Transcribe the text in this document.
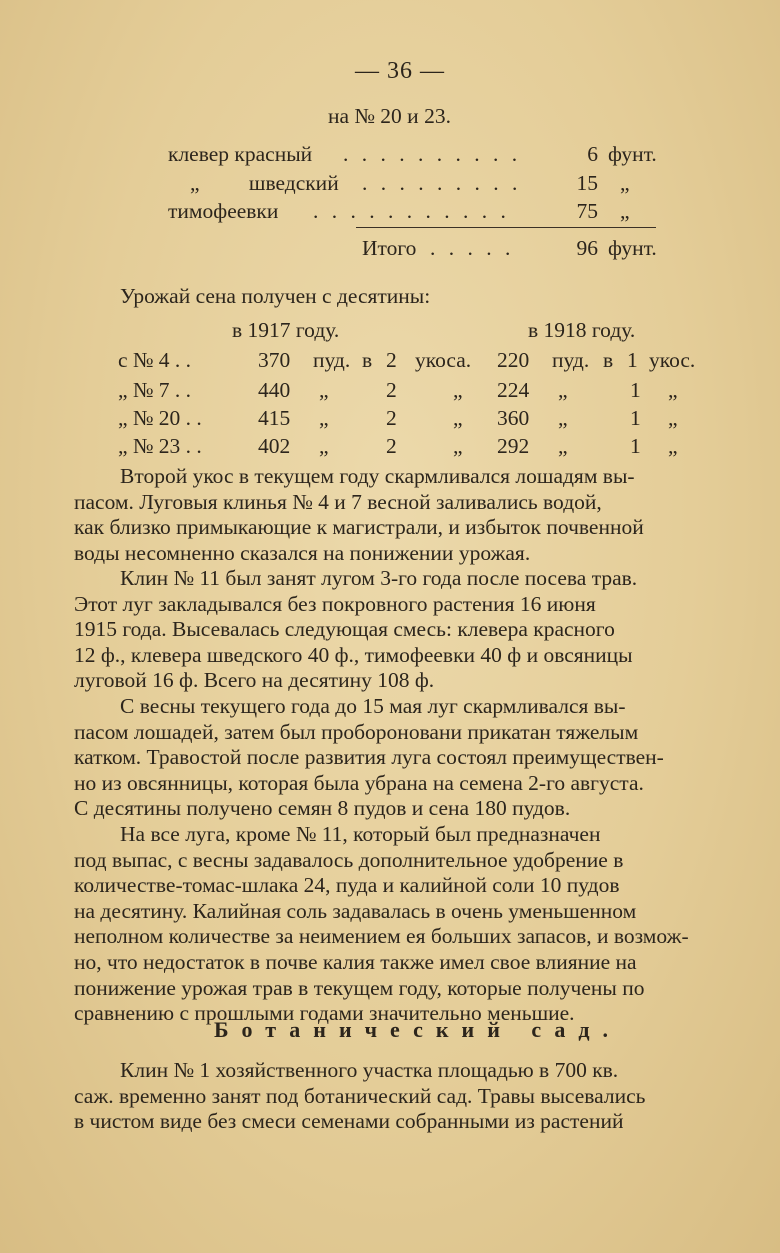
— 36 —
на № 20 и 23.
клевер красный . . . . . . . . . .	6 фунт.
„ шведский . . . . . . . . .	15 „
тимофеевки . . . . . . . . . . .	75 „
Итого . . . . .	96 фунт.
Урожай сена получен с десятины:
в 1917 году.	в 1918 году.
с № 4 . .	370 пуд. в 2 укоса. 220 пуд. в 1 укос.
„ № 7 . .	440 „	2	„ 224 „	1 „
„ № 20 . .	415 „	2	„ 360 „	1 „
„ № 23 . .	402 „	2	„ 292 „	1 „
Второй укос в текущем году скармливался лошадям вы-
пасом. Луговыя клинья № 4 и 7 весной заливались водой,
как близко примыкающие к магистрали, и избыток почвенной
воды несомненно сказался на понижении урожая.
Клин № 11 был занят лугом 3-го года после посева трав.
Этот луг закладывался без покровного растения 16 июня
1915 года. Высевалась следующая смесь: клевера красного
12 ф., клевера шведского 40 ф., тимофеевки 40 ф и овсяницы
луговой 16 ф. Всего на десятину 108 ф.
С весны текущего года до 15 мая луг скармливался вы-
пасом лошадей, затем был пробороновани прикатан тяжелым
катком. Травостой после развития луга состоял преимуществен-
но из овсянницы, которая была убрана на семена 2-го августа.
С десятины получено семян 8 пудов и сена 180 пудов.
На все луга, кроме № 11, который был предназначен
под выпас, с весны задавалось дополнительное удобрение в
количестве-томас-шлака 24, пуда и калийной соли 10 пудов
на десятину. Калийная соль задавалась в очень уменьшенном
неполном количестве за неимением ея больших запасов, и возмож-
но, что недостаток в почве калия также имел свое влияние на
понижение урожая трав в текущем году, которые получены по
сравнению с прошлыми годами значительно меньшие.
Ботанический сад.
Клин № 1 хозяйственного участка площадью в 700 кв.
саж. временно занят под ботанический сад. Травы высевались
в чистом виде без смеси семенами собранными из растений
